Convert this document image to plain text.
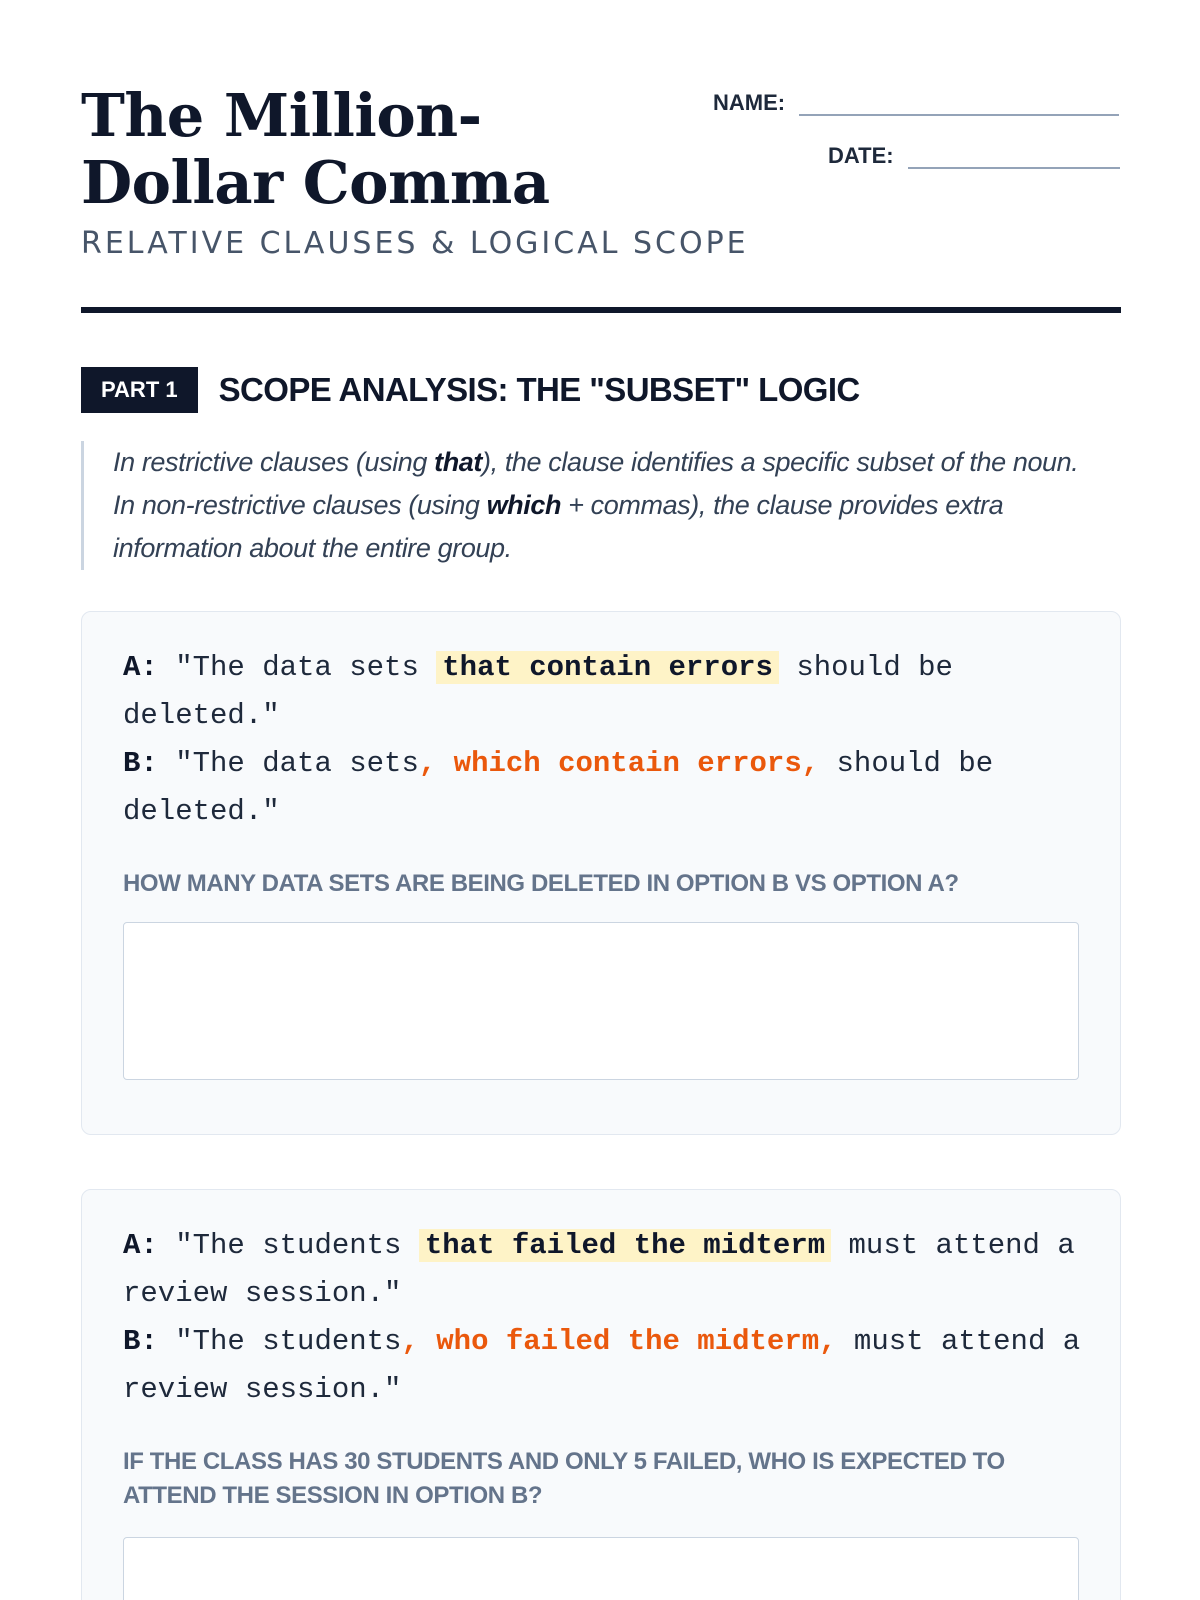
The Million-Dollar Comma
RELATIVE CLAUSES & LOGICAL SCOPE
NAME:
DATE:
PART 1	SCOPE ANALYSIS: THE "SUBSET" LOGIC

In restrictive clauses (using that), the clause identifies a specific subset of the noun. In non-restrictive clauses (using which + commas), the clause provides extra information about the entire group.

A: "The data sets that contain errors should be deleted."

B: "The data sets, which contain errors, should be deleted."

HOW MANY DATA SETS ARE BEING DELETED IN OPTION B VS OPTION A?

A: "The students that failed the midterm must attend a review session."

B: "The students, who failed the midterm, must attend a review session."

IF THE CLASS HAS 30 STUDENTS AND ONLY 5 FAILED, WHO IS EXPECTED TO ATTEND THE SESSION IN OPTION B?
